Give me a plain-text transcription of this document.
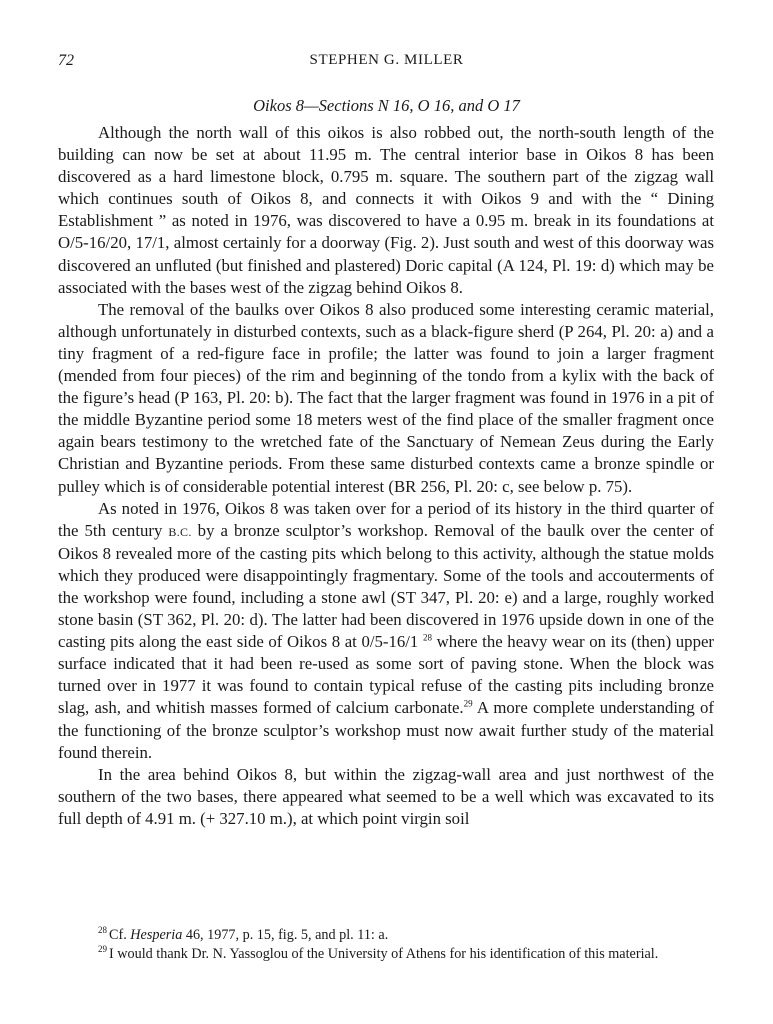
72	STEPHEN G. MILLER
Oikos 8—Sections N 16, O 16, and O 17

Although the north wall of this oikos is also robbed out, the north-south length of the building can now be set at about 11.95 m. The central interior base in Oikos 8 has been discovered as a hard limestone block, 0.795 m. square. The southern part of the zigzag wall which continues south of Oikos 8, and connects it with Oikos 9 and with the “ Dining Establishment ” as noted in 1976, was discovered to have a 0.95 m. break in its foundations at O/5-16/20, 17/1, almost certainly for a doorway (Fig. 2). Just south and west of this doorway was discovered an unfluted (but finished and plastered) Doric capital (A 124, Pl. 19: d) which may be associated with the bases west of the zigzag behind Oikos 8.

The removal of the baulks over Oikos 8 also produced some interesting ceramic material, although unfortunately in disturbed contexts, such as a black-figure sherd (P 264, Pl. 20: a) and a tiny fragment of a red-figure face in profile; the latter was found to join a larger fragment (mended from four pieces) of the rim and beginning of the tondo from a kylix with the back of the figure’s head (P 163, Pl. 20: b). The fact that the larger fragment was found in 1976 in a pit of the middle Byzantine period some 18 meters west of the find place of the smaller fragment once again bears testimony to the wretched fate of the Sanctuary of Nemean Zeus during the Early Christian and Byzantine periods. From these same disturbed contexts came a bronze spindle or pulley which is of considerable potential interest (BR 256, Pl. 20: c, see below p. 75).

As noted in 1976, Oikos 8 was taken over for a period of its history in the third quarter of the 5th century B.C. by a bronze sculptor’s workshop. Removal of the baulk over the center of Oikos 8 revealed more of the casting pits which belong to this activity, although the statue molds which they produced were disappointingly fragmentary. Some of the tools and accouterments of the workshop were found, including a stone awl (ST 347, Pl. 20: e) and a large, roughly worked stone basin (ST 362, Pl. 20: d). The latter had been discovered in 1976 upside down in one of the casting pits along the east side of Oikos 8 at 0/5-16/1 $^{28}$ where the heavy wear on its (then) upper surface indicated that it had been re-used as some sort of paving stone. When the block was turned over in 1977 it was found to contain typical refuse of the casting pits including bronze slag, ash, and whitish masses formed of calcium carbonate.$^{29}$ A more complete understanding of the functioning of the bronze sculptor’s workshop must now await further study of the material found therein.

In the area behind Oikos 8, but within the zigzag-wall area and just northwest of the southern of the two bases, there appeared what seemed to be a well which was excavated to its full depth of 4.91 m. (+ 327.10 m.), at which point virgin soil

$^{28}$ Cf. Hesperia 46, 1977, p. 15, fig. 5, and pl. 11: a.

$^{29}$ I would thank Dr. N. Yassoglou of the University of Athens for his identification of this material.
